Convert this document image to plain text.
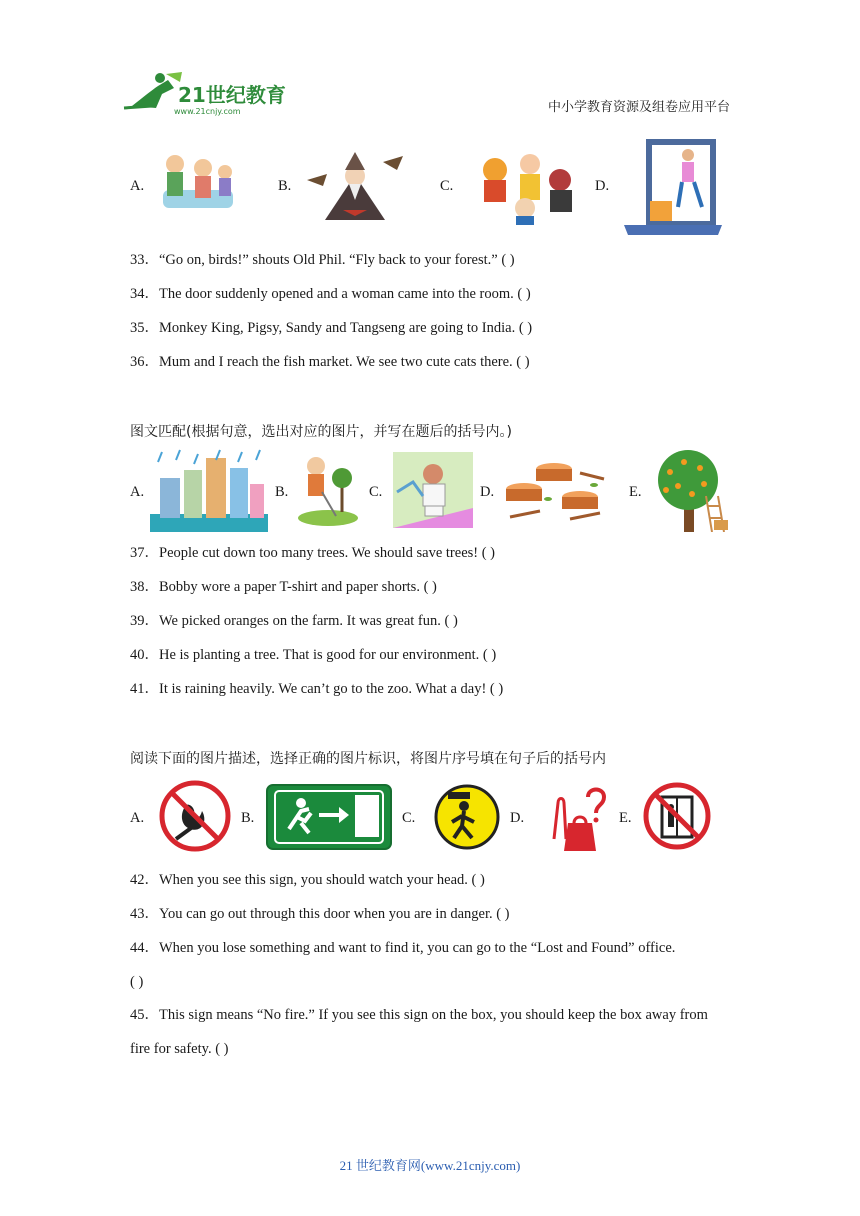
21世纪教育
www.21cnjy.com	中小学教育资源及组卷应用平台
A.	B.	C.	D.
33．“Go on, birds!” shouts Old Phil. “Fly back to your forest.” ( )
34．The door suddenly opened and a woman came into the room. ( )
35．Monkey King, Pigsy, Sandy and Tangseng are going to India. ( )
36．Mum and I reach the fish market. We see two cute cats there. ( )
图文匹配(根据句意，选出对应的图片，并写在题后的括号内。)
A.	B.	C.	D.	E.
37．People cut down too many trees. We should save trees! ( )
38．Bobby wore a paper T-shirt and paper shorts. ( )
39．We picked oranges on the farm. It was great fun. ( )
40．He is planting a tree. That is good for our environment. ( )
41．It is raining heavily. We can’t go to the zoo. What a day! ( )
阅读下面的图片描述，选择正确的图片标识，将图片序号填在句子后的括号内
A.	B.	C.	D.	E.
42．When you see this sign, you should watch your head. ( )
43．You can go out through this door when you are in danger. ( )
44．When you lose something and want to find it, you can go to the “Lost and Found” office.
( )
45．This sign means “No fire.” If you see this sign on the box, you should keep the box away from
fire for safety. ( )
21 世纪教育网(www.21cnjy.com)
